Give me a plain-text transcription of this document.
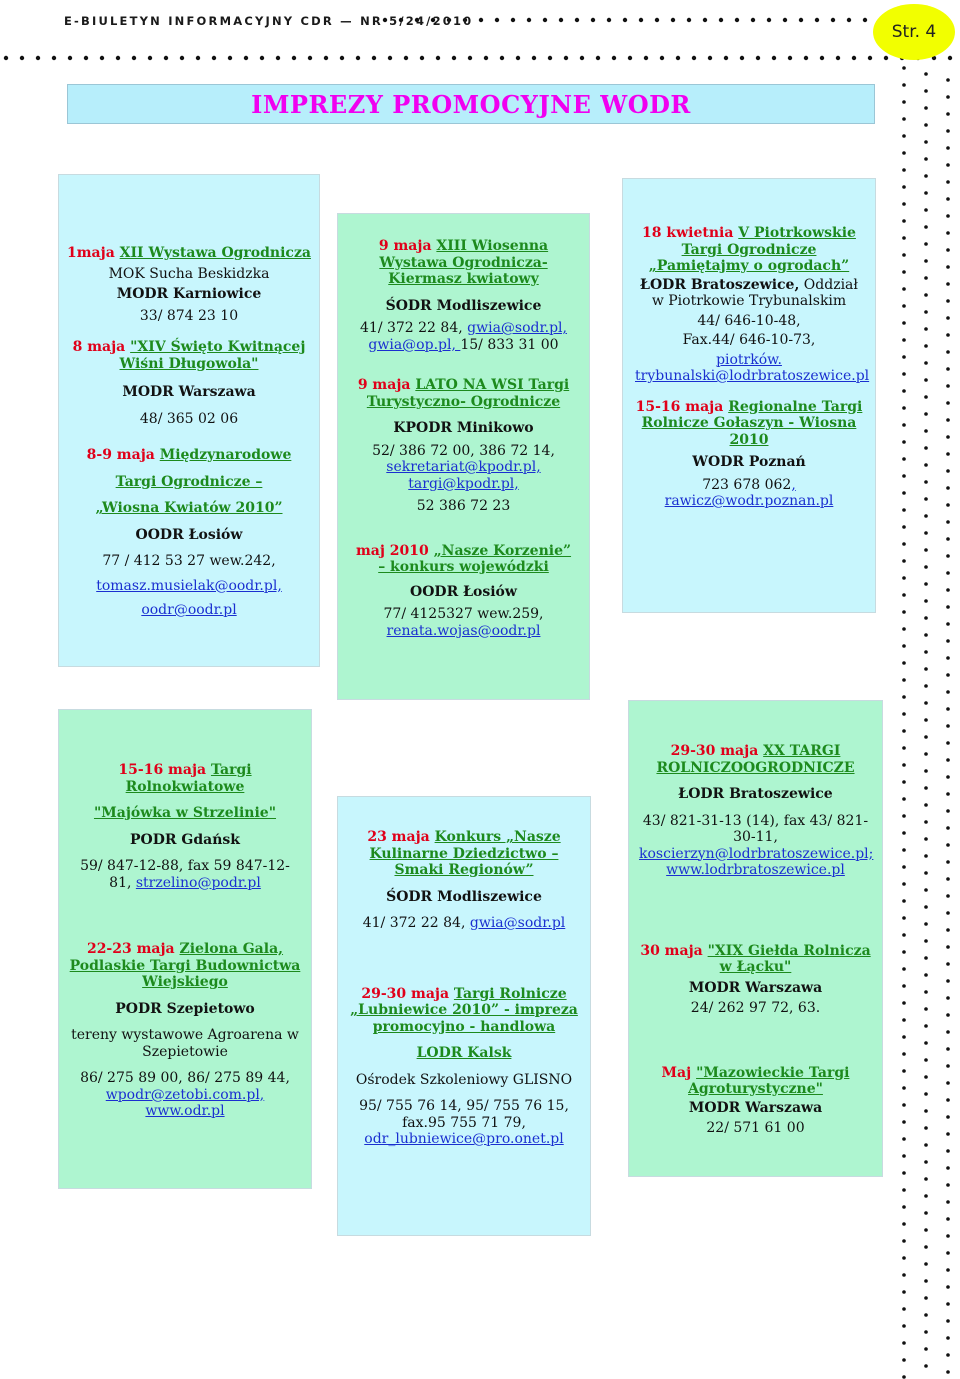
E-BIULETYN INFORMACYJNY CDR — NR 5/24/2010
Str. 4
IMPREZY PROMOCYJNE WODR

1maja XII Wystawa Ogrodnicza

MOK Sucha Beskidzka

MODR Karniowice

33/ 874 23 10

8 maja "XIV Święto Kwitnącej Wiśni Długowola"

MODR Warszawa

48/ 365 02 06

8-9 maja Międzynarodowe

Targi Ogrodnicze –

„Wiosna Kwiatów 2010”

OODR Łosiów

77 / 412 53 27 wew.242,

tomasz.musielak@oodr.pl,

oodr@oodr.pl

9 maja XIII Wiosenna Wystawa Ogrodnicza- Kiermasz kwiatowy

ŚODR Modliszewice

41/ 372 22 84, gwia@sodr.pl, gwia@op.pl, 15/ 833 31 00

9 maja LATO NA WSI Targi Turystyczno- Ogrodnicze

KPODR Minikowo

52/ 386 72 00, 386 72 14, sekretariat@kpodr.pl, targi@kpodr.pl,

52 386 72 23

maj 2010 „Nasze Korzenie” – konkurs wojewódzki

OODR Łosiów

77/ 4125327 wew.259, renata.wojas@oodr.pl

18 kwietnia V Piotrkowskie Targi Ogrodnicze „Pamiętajmy o ogrodach”

ŁODR Bratoszewice, Oddział w Piotrkowie Trybunalskim

44/ 646-10-48,

Fax.44/ 646-10-73,

piotrków. trybunalski@lodrbratoszewice.pl

15-16 maja Regionalne Targi Rolnicze Gołaszyn - Wiosna 2010

WODR Poznań

723 678 062, rawicz@wodr.poznan.pl

15-16 maja Targi Rolnokwiatowe

"Majówka w Strzelinie"

PODR Gdańsk

59/ 847-12-88, fax 59 847-12-81, strzelino@podr.pl

22-23 maja Zielona Gala, Podlaskie Targi Budownictwa Wiejskiego

PODR Szepietowo

tereny wystawowe Agroarena w Szepietowie

86/ 275 89 00, 86/ 275 89 44,

wpodr@zetobi.com.pl,

www.odr.pl

23 maja Konkurs „Nasze Kulinarne Dziedzictwo – Smaki Regionów”

ŚODR Modliszewice

41/ 372 22 84, gwia@sodr.pl

29-30 maja Targi Rolnicze „Lubniewice 2010” - impreza promocyjno - handlowa

LODR Kalsk

Ośrodek Szkoleniowy GLISNO

95/ 755 76 14, 95/ 755 76 15, fax.95 755 71 79, odr_lubniewice@pro.onet.pl

29-30 maja XX TARGI ROLNICZOOGRODNICZE

ŁODR Bratoszewice

43/ 821-31-13 (14), fax 43/ 821-30-11, koscierzyn@lodrbratoszewice.pl; www.lodrbratoszewice.pl

30 maja "XIX Giełda Rolnicza w Łącku"

MODR Warszawa

24/ 262 97 72, 63.

Maj "Mazowieckie Targi Agroturystyczne"

MODR Warszawa

22/ 571 61 00
